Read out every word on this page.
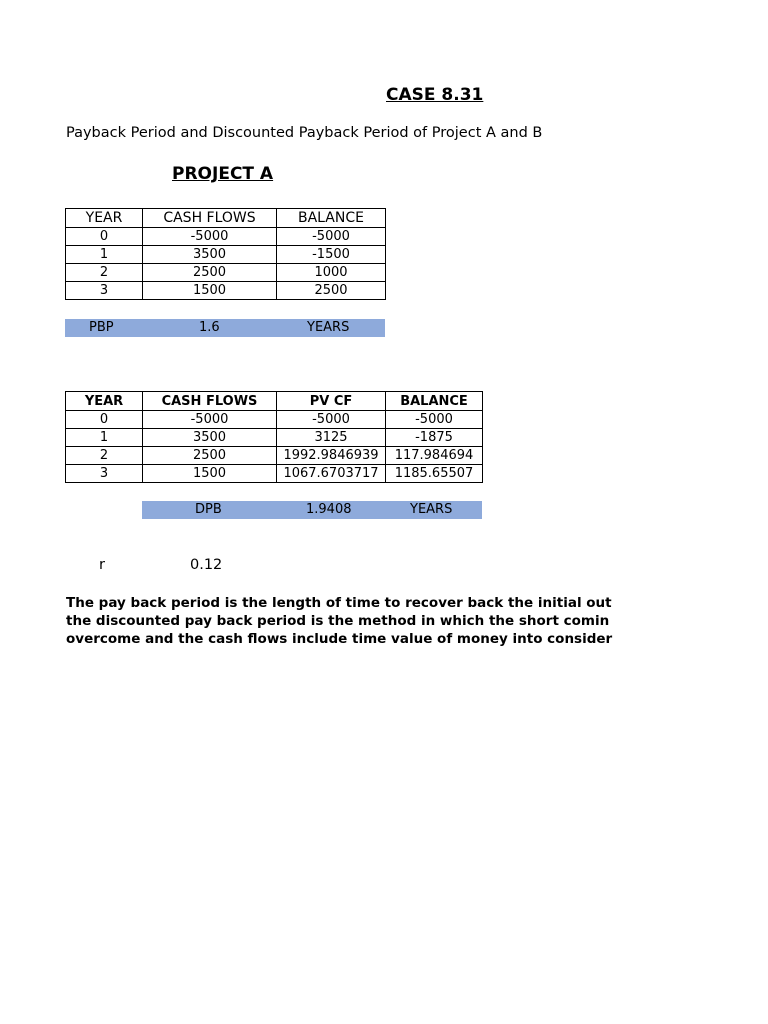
CASE 8.31
Payback Period and Discounted Payback Period of Project A and B
PROJECT A
YEAR	CASH FLOWS	BALANCE
0	-5000	-5000
1	3500	-1500
2	2500	1000
3	1500	2500
PBP	1.6	YEARS
YEAR	CASH FLOWS	PV CF	BALANCE
0	-5000	-5000	-5000
1	3500	3125	-1875
2	2500	1992.9846939	117.984694
3	1500	1067.6703717	1185.65507
DPB	1.9408	YEARS
r	0.12
The pay back period is the length of time to recover back the initial out
the discounted pay back period is the method in which the short comin
overcome and the cash flows include time value of money into consider
